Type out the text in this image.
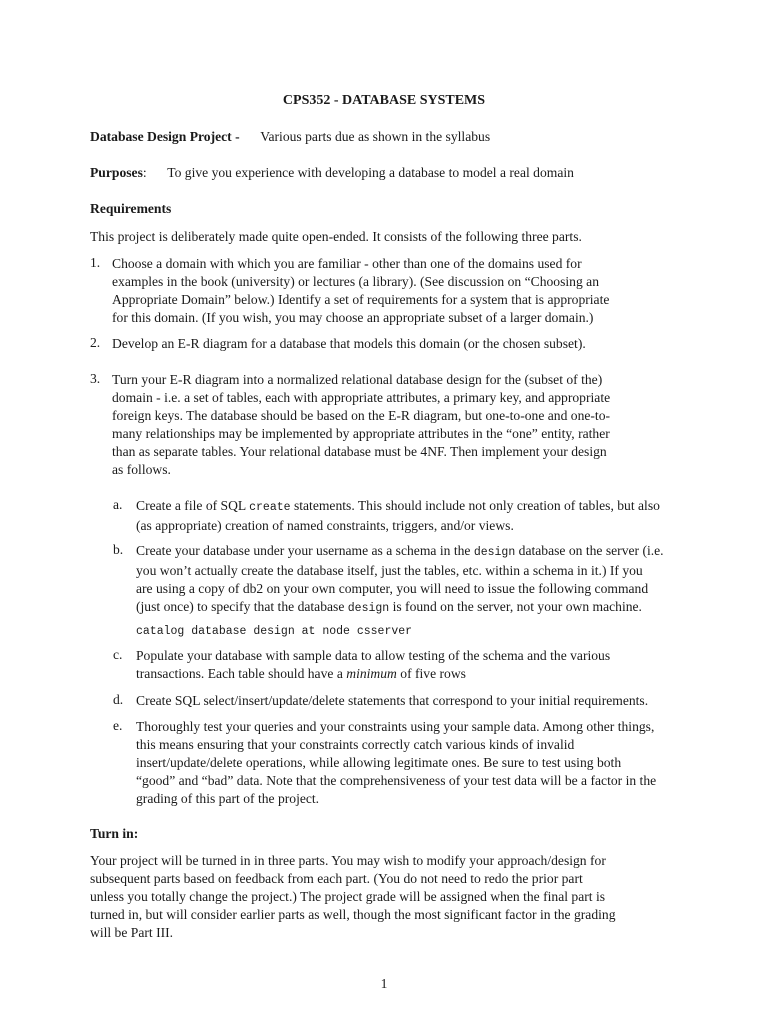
CPS352 - DATABASE SYSTEMS
Database Design Project - Various parts due as shown in the syllabus
Purposes: To give you experience with developing a database to model a real domain
Requirements
This project is deliberately made quite open-ended. It consists of the following three parts.
1. Choose a domain with which you are familiar - other than one of the domains used for
examples in the book (university) or lectures (a library). (See discussion on “Choosing an
Appropriate Domain” below.) Identify a set of requirements for a system that is appropriate
for this domain. (If you wish, you may choose an appropriate subset of a larger domain.)
2. Develop an E-R diagram for a database that models this domain (or the chosen subset).
3. Turn your E-R diagram into a normalized relational database design for the (subset of the)
domain - i.e. a set of tables, each with appropriate attributes, a primary key, and appropriate
foreign keys. The database should be based on the E-R diagram, but one-to-one and one-to-
many relationships may be implemented by appropriate attributes in the “one” entity, rather
than as separate tables. Your relational database must be 4NF. Then implement your design
as follows.
a. Create a file of SQL create statements. This should include not only creation of tables, but also
(as appropriate) creation of named constraints, triggers, and/or views.
b. Create your database under your username as a schema in the design database on the server (i.e.
you won’t actually create the database itself, just the tables, etc. within a schema in it.) If you
are using a copy of db2 on your own computer, you will need to issue the following command
(just once) to specify that the database design is found on the server, not your own machine.
catalog database design at node csserver
c. Populate your database with sample data to allow testing of the schema and the various
transactions. Each table should have a minimum of five rows
d. Create SQL select/insert/update/delete statements that correspond to your initial requirements.
e. Thoroughly test your queries and your constraints using your sample data. Among other things,
this means ensuring that your constraints correctly catch various kinds of invalid
insert/update/delete operations, while allowing legitimate ones. Be sure to test using both
“good” and “bad” data. Note that the comprehensiveness of your test data will be a factor in the
grading of this part of the project.
Turn in:
Your project will be turned in in three parts. You may wish to modify your approach/design for
subsequent parts based on feedback from each part. (You do not need to redo the prior part
unless you totally change the project.) The project grade will be assigned when the final part is
turned in, but will consider earlier parts as well, though the most significant factor in the grading
will be Part III.
1
